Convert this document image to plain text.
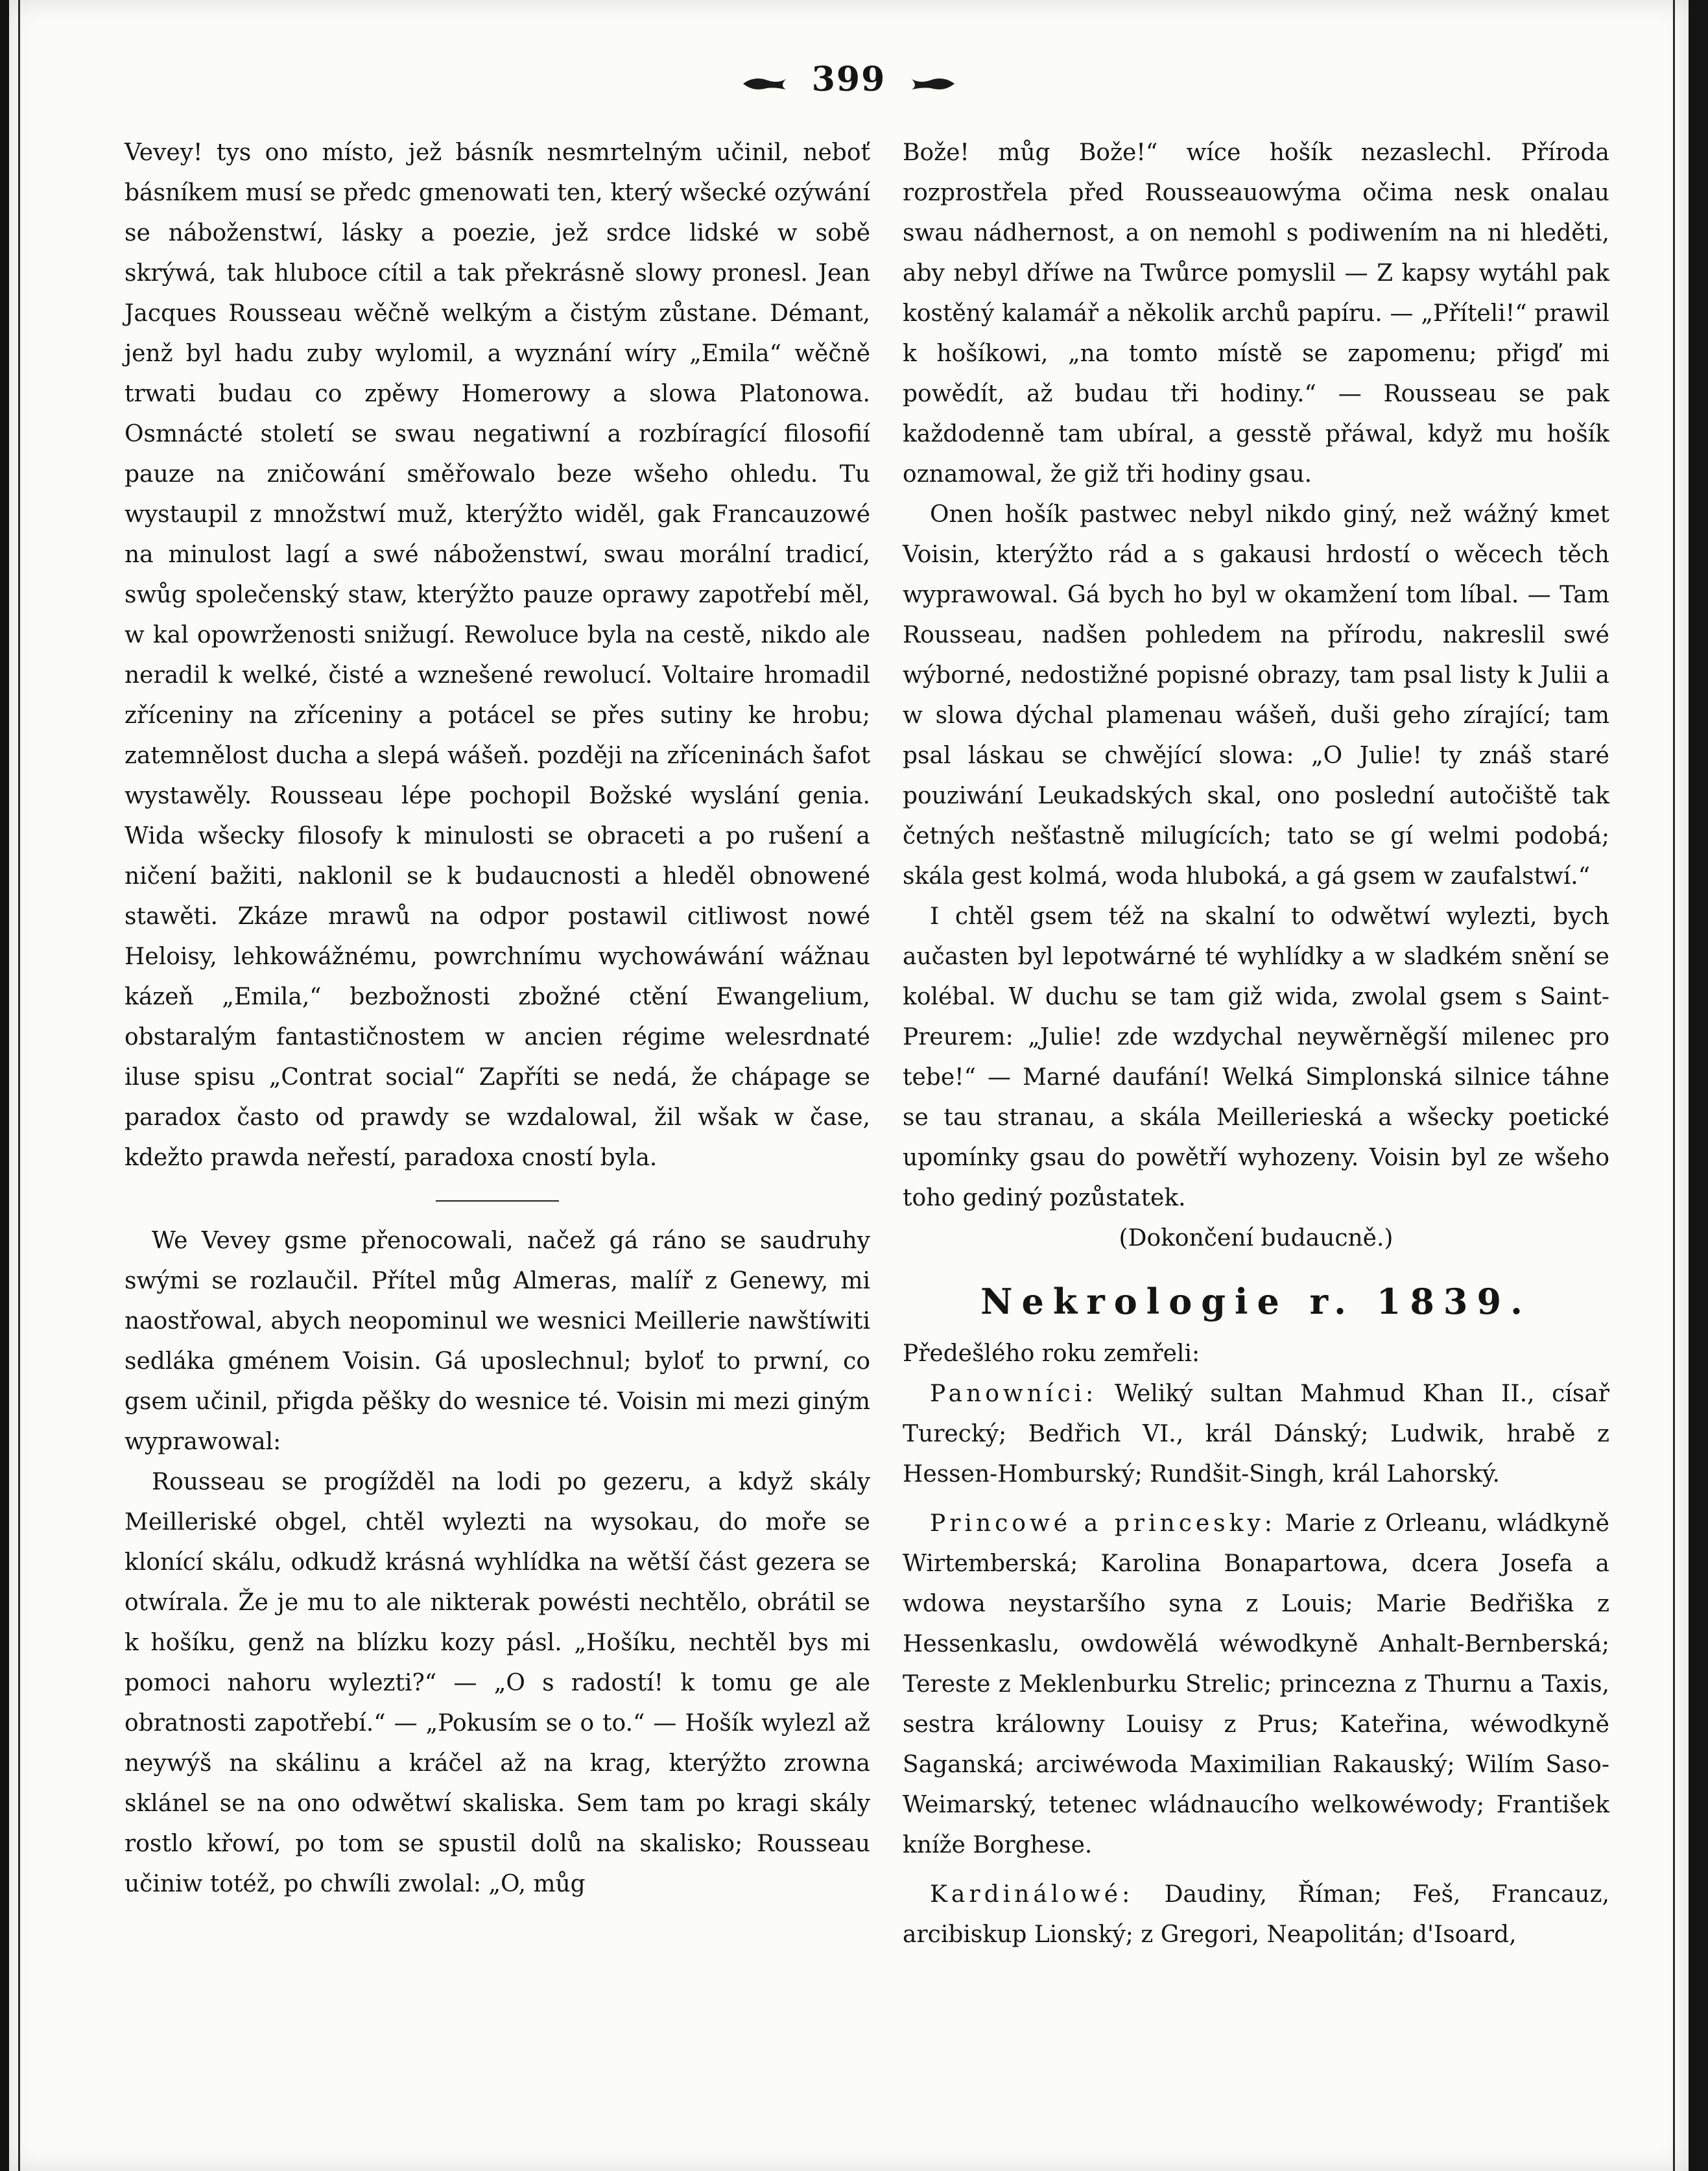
399

Vevey! tys ono místo, jež básník nesmrtelným učinil, neboť básníkem musí se předc gmenowati ten, který wšecké ozýwání se náboženstwí, lásky a poezie, jež srdce lidské w sobě skrýwá, tak hluboce cítil a tak překrásně slowy pronesl. Jean Jacques Rousseau wěčně welkým a čistým zůstane. Démant, jenž byl hadu zuby wylomil, a wyznání wíry „Emila“ wěčně trwati budau co zpěwy Homerowy a slowa Platonowa. Osmnácté století se swau negatiwní a rozbíragící filosofií pauze na zničowání směřowalo beze wšeho ohledu. Tu wystaupil z množstwí muž, kterýžto widěl, gak Francauzowé na minulost lagí a swé náboženstwí, swau morální tradicí, swůg společenský staw, kterýžto pauze oprawy zapotřebí měl, w kal opowrženosti snižugí. Rewoluce byla na cestě, nikdo ale neradil k welké, čisté a wznešené rewolucí. Voltaire hromadil zříceniny na zříceniny a potácel se přes sutiny ke hrobu; zatemnělost ducha a slepá wášeň. později na zříceninách šafot wystawěly. Rousseau lépe pochopil Božské wyslání genia. Wida wšecky filosofy k minulosti se obraceti a po rušení a ničení bažiti, naklonil se k budaucnosti a hleděl obnowené stawěti. Zkáze mrawů na odpor postawil citliwost nowé Heloisy, lehkowážnému, powrchnímu wychowáwání wážnau kázeň „Emila,“ bezbožnosti zbožné ctění Ewangelium, obstaralým fantastičnostem w ancien régime welesrdnaté iluse spisu „Contrat social“ Zapříti se nedá, že chápage se paradox často od prawdy se wzdalowal, žil wšak w čase, kdežto prawda neřestí, paradoxa cností byla.

We Vevey gsme přenocowali, načež gá ráno se saudruhy swými se rozlaučil. Přítel můg Almeras, malíř z Genewy, mi naostřowal, abych neopominul we wesnici Meillerie nawštíwiti sedláka gménem Voisin. Gá uposlechnul; byloť to prwní, co gsem učinil, přigda pěšky do wesnice té. Voisin mi mezi giným wyprawowal:

Rousseau se progížděl na lodi po gezeru, a když skály Meilleriské obgel, chtěl wylezti na wysokau, do moře se klonící skálu, odkudž krásná wyhlídka na wětší část gezera se otwírala. Že je mu to ale nikterak powésti nechtělo, obrátil se k hošíku, genž na blízku kozy pásl. „Hošíku, nechtěl bys mi pomoci nahoru wylezti?“ — „O s radostí! k tomu ge ale obratnosti zapotřebí.“ — „Pokusím se o to.“ — Hošík wylezl až neywýš na skálinu a kráčel až na krag, kterýžto zrowna sklánel se na ono odwětwí skaliska. Sem tam po kragi skály rostlo křowí, po tom se spustil dolů na skalisko; Rousseau učiniw totéž, po chwíli zwolal: „O, můg

Bože! můg Bože!“ wíce hošík nezaslechl. Příroda rozprostřela před Rousseauowýma očima nesk onalau swau nádhernost, a on nemohl s podiwením na ni hleděti, aby nebyl dříwe na Twůrce pomyslil — Z kapsy wytáhl pak kostěný kalamář a několik archů papíru. — „Příteli!“ prawil k hošíkowi, „na tomto místě se zapomenu; přigď mi powědít, až budau tři hodiny.“ — Rousseau se pak každodenně tam ubíral, a gesstě přáwal, když mu hošík oznamowal, že giž tři hodiny gsau.

Onen hošík pastwec nebyl nikdo giný, než wážný kmet Voisin, kterýžto rád a s gakausi hrdostí o wěcech těch wyprawowal. Gá bych ho byl w okamžení tom líbal. — Tam Rousseau, nadšen pohledem na přírodu, nakreslil swé wýborné, nedostižné popisné obrazy, tam psal listy k Julii a w slowa dýchal plamenau wášeň, duši geho zírající; tam psal láskau se chwějící slowa: „O Julie! ty znáš staré pouziwání Leukadských skal, ono poslední autočiště tak četných nešťastně milugících; tato se gí welmi podobá; skála gest kolmá, woda hluboká, a gá gsem w zaufalstwí.“

I chtěl gsem též na skalní to odwětwí wylezti, bych aučasten byl lepotwárné té wyhlídky a w sladkém snění se kolébal. W duchu se tam giž wida, zwolal gsem s Saint-Preurem: „Julie! zde wzdychal neywěrněgší milenec pro tebe!“ — Marné daufání! Welká Simplonská silnice táhne se tau stranau, a skála Meillerieská a wšecky poetické upomínky gsau do powětří wyhozeny. Voisin byl ze wšeho toho gediný pozůstatek.

(Dokončení budaucně.)

Nekrologie r. 1839.

Předešlého roku zemřeli:

Panowníci: Weliký sultan Mahmud Khan II., císař Turecký; Bedřich VI., král Dánský; Ludwik, hrabě z Hessen-Homburský; Rundšit-Singh, král Lahorský.

Princowé a princesky: Marie z Orleanu, wládkyně Wirtemberská; Karolina Bonapartowa, dcera Josefa a wdowa neystaršího syna z Louis; Marie Bedřiška z Hessenkaslu, owdowělá wéwodkyně Anhalt-Bernberská; Tereste z Meklenburku Strelic; princezna z Thurnu a Taxis, sestra králowny Louisy z Prus; Kateřina, wéwodkyně Saganská; arciwéwoda Maximilian Rakauský; Wilím Saso-Weimarský, tetenec wládnaucího welkowéwody; František kníže Borghese.

Kardinálowé: Daudiny, Říman; Feš, Francauz, arcibiskup Lionský; z Gregori, Neapolitán; d'Isoard,
